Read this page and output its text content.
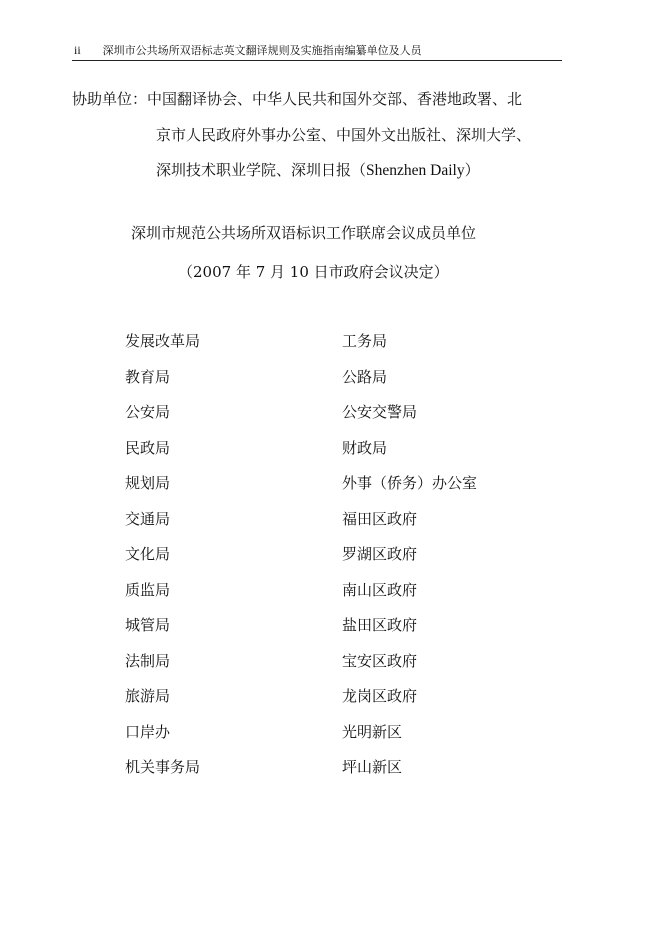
ii 深圳市公共场所双语标志英文翻译规则及实施指南编纂单位及人员
协助单位：中国翻译协会、中华人民共和国外交部、香港地政署、北
京市人民政府外事办公室、中国外文出版社、深圳大学、
深圳技术职业学院、深圳日报（Shenzhen Daily）
深圳市规范公共场所双语标识工作联席会议成员单位
（2007 年 7 月 10 日市政府会议决定）
发展改革局	工务局
教育局	公路局
公安局	公安交警局
民政局	财政局
规划局	外事（侨务）办公室
交通局	福田区政府
文化局	罗湖区政府
质监局	南山区政府
城管局	盐田区政府
法制局	宝安区政府
旅游局	龙岗区政府
口岸办	光明新区
机关事务局	坪山新区
